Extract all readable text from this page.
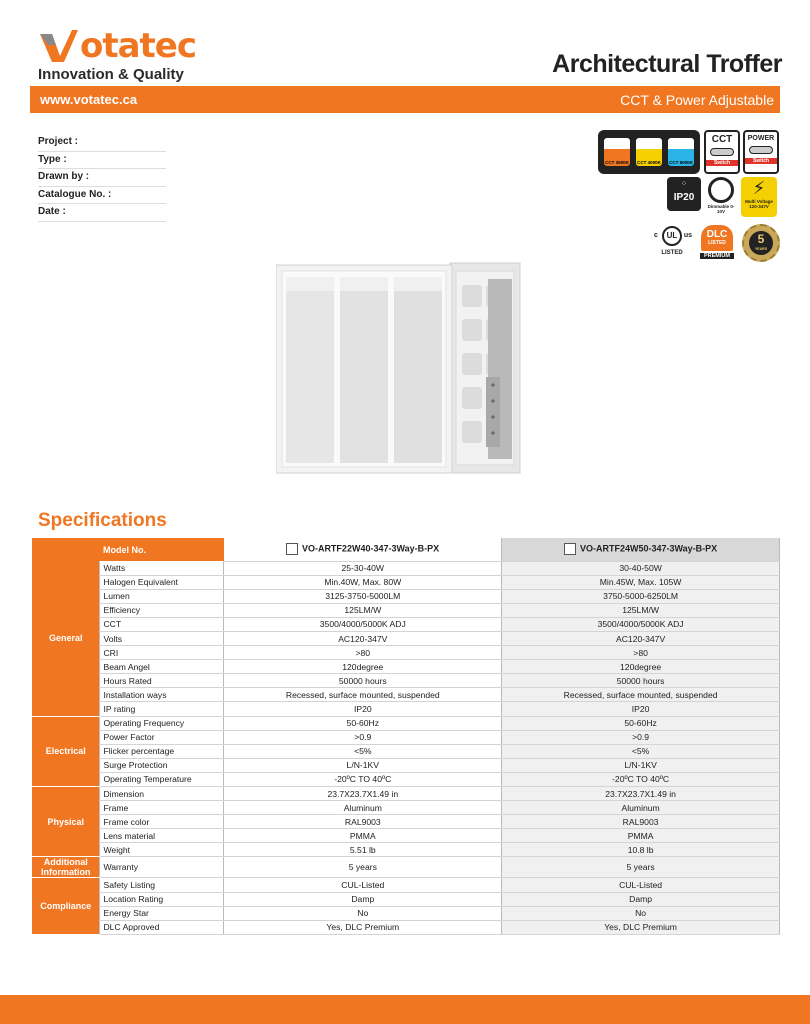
otatec
Innovation & Quality	Architectural Troffer
www.votatec.ca	CCT & Power Adjustable
Project :
Type :
Drawn by :
Catalogue No. :
Date :
CCT 3500K	CCT 4000K	CCT 5000K
CCT
Switch
POWER
Switch
⁘
IP20
Dimmable 0-10V
⚡
Multi Voltage 120-347V
UL
c	us
LISTED
DLC
LISTED
PREMIUM
5
YEARS
Specifications
	Model No.	VO-ARTF22W40-347-3Way-B-PX	VO-ARTF24W50-347-3Way-B-PX
General	Watts	25-30-40W	30-40-50W
	Halogen Equivalent	Min.40W, Max. 80W	Min.45W, Max. 105W
	Lumen	3125-3750-5000LM	3750-5000-6250LM
	Efficiency	125LM/W	125LM/W
	CCT	3500/4000/5000K ADJ	3500/4000/5000K ADJ
	Volts	AC120-347V	AC120-347V
	CRI	>80	>80
	Beam Angel	120degree	120degree
	Hours Rated	50000 hours	50000 hours
	Installation ways	Recessed, surface mounted, suspended	Recessed, surface mounted, suspended
	IP rating	IP20	IP20
Electrical	Operating Frequency	50-60Hz	50-60Hz
	Power Factor	>0.9	>0.9
	Flicker percentage	<5%	<5%
	Surge Protection	L/N-1KV	L/N-1KV
	Operating Temperature	-20ºC TO 40ºC	-20ºC TO 40ºC
Physical	Dimension	23.7X23.7X1.49 in	23.7X23.7X1.49 in
	Frame	Aluminum	Aluminum
	Frame color	RAL9003	RAL9003
	Lens material	PMMA	PMMA
	Weight	5.51 lb	10.8 lb
Additional Information	Warranty	5 years	5 years
Compliance	Safety Listing	CUL-Listed	CUL-Listed
	Location Rating	Damp	Damp
	Energy Star	No	No
	DLC Approved	Yes, DLC Premium	Yes, DLC Premium
